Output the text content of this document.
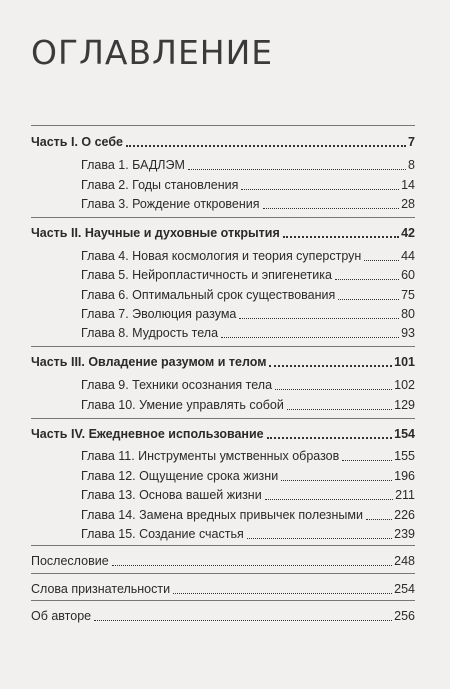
ОГЛАВЛЕНИЕ
Часть I. О себе	7
Глава 1. БАДЛЭМ	8
Глава 2. Годы становления	14
Глава 3. Рождение откровения	28
Часть II. Научные и духовные открытия	42
Глава 4. Новая космология и теория суперструн	44
Глава 5. Нейропластичность и эпигенетика	60
Глава 6. Оптимальный срок существования	75
Глава 7. Эволюция разума	80
Глава 8. Мудрость тела	93
Часть III. Овладение разумом и телом	101
Глава 9. Техники осознания тела	102
Глава 10. Умение управлять собой	129
Часть IV. Ежедневное использование	154
Глава 11. Инструменты умственных образов	155
Глава 12. Ощущение срока жизни	196
Глава 13. Основа вашей жизни	211
Глава 14. Замена вредных привычек полезными 226
Глава 15. Создание счастья	239
Послесловие	248
Слова признательности	254
Об авторе	256
